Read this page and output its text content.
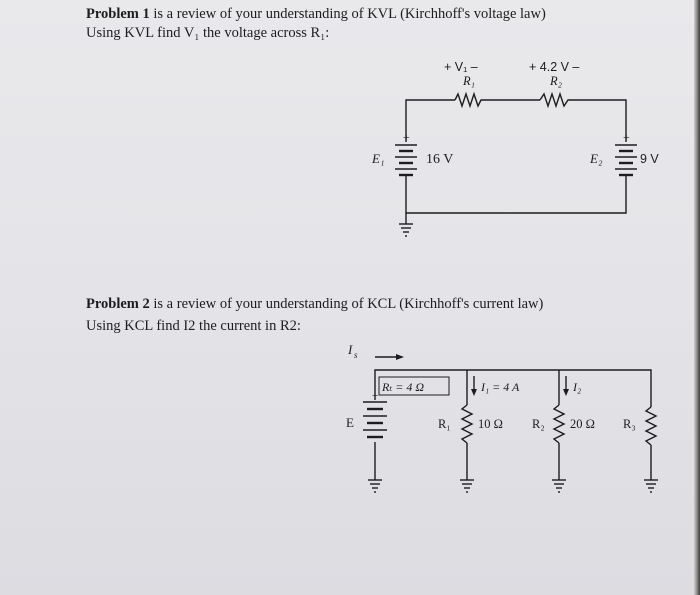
Problem 1 is a review of your understanding of KVL (Kirchhoff's voltage law)
Using KVL find V₁ the voltage across R₁:
Problem 2 is a review of your understanding of KCL (Kirchhoff's current law)
Using KCL find I2 the current in R2:
+ V₁ –	+ 4.2 V –
R₁	R₂
+	+
E₁	16 V	E₂	9 V
I s
Rₜ = 4 Ω	I₁ = 4 A	I₂
+
E	R₁ 10 Ω R₂ 20 Ω R₃
